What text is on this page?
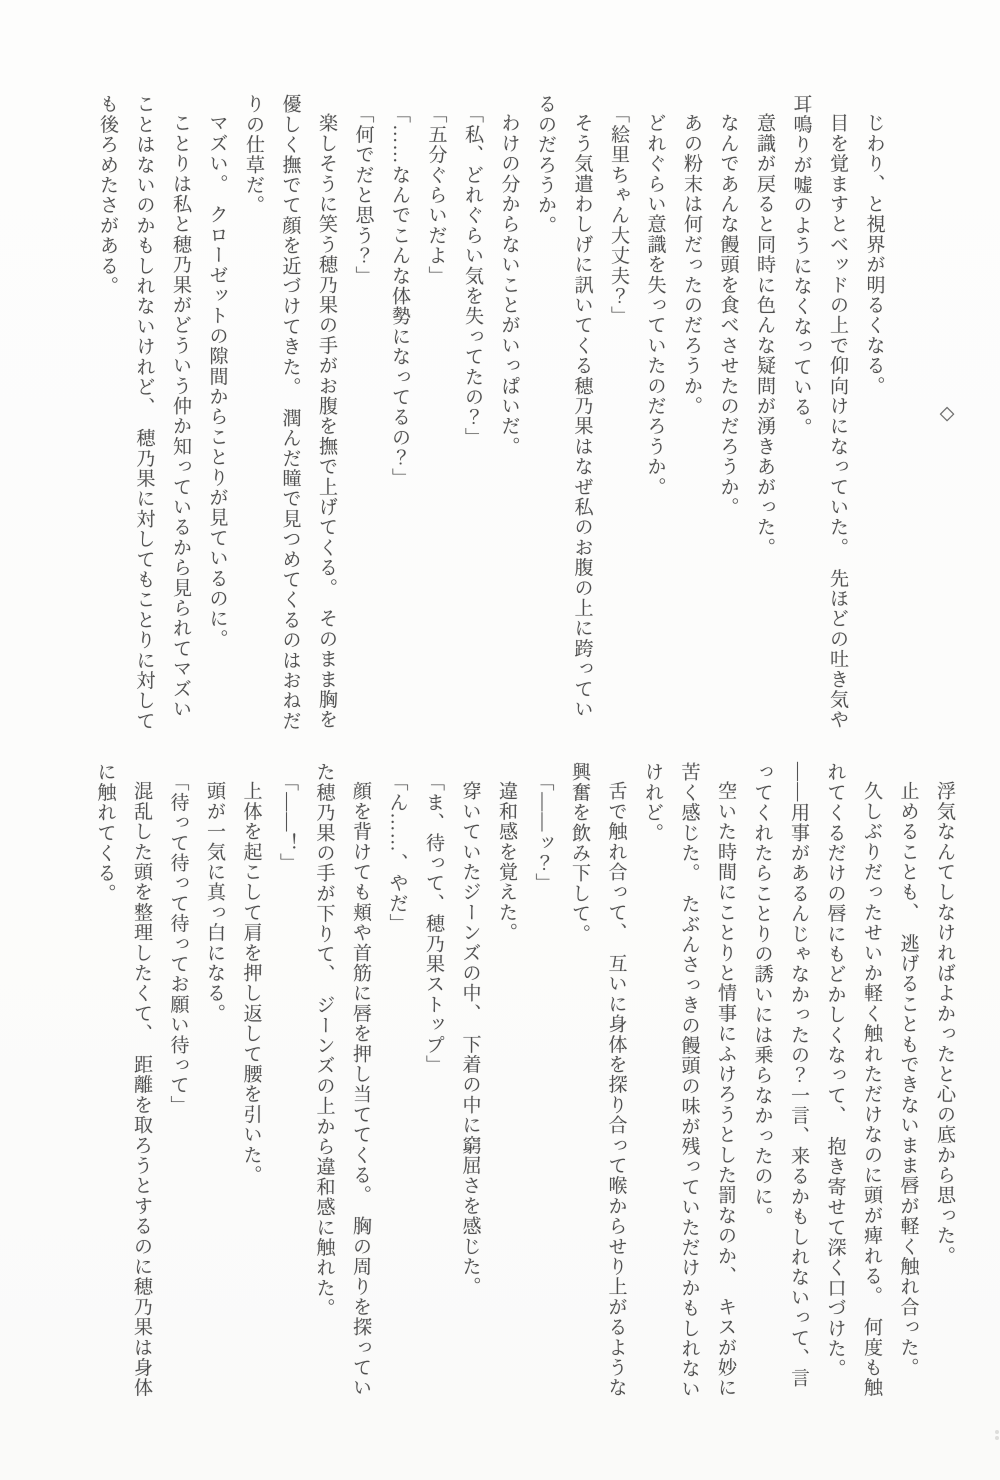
◇

じわり、と視界が明るくなる。

目を覚ますとベッドの上で仰向けになっていた。　先ほどの吐き気や耳鳴りが嘘のようになくなっている。

意識が戻ると同時に色んな疑問が湧きあがった。

なんであんな饅頭を食べさせたのだろうか。

あの粉末は何だったのだろうか。

どれぐらい意識を失っていたのだろうか。

「絵里ちゃん大丈夫？」

そう気遣わしげに訊いてくる穂乃果はなぜ私のお腹の上に跨っているのだろうか。

わけの分からないことがいっぱいだ。

「私、どれぐらい気を失ってたの？」

「五分ぐらいだよ」

「……なんでこんな体勢になってるの？」

「何でだと思う？」

楽しそうに笑う穂乃果の手がお腹を撫で上げてくる。　そのまま胸を優しく撫でて顔を近づけてきた。　潤んだ瞳で見つめてくるのはおねだりの仕草だ。

マズい。　クローゼットの隙間からことりが見ているのに。

ことりは私と穂乃果がどういう仲か知っているから見られてマズいことはないのかもしれないけれど、　穂乃果に対してもことりに対しても後ろめたさがある。

浮気なんてしなければよかったと心の底から思った。

止めることも、　逃げることもできないまま唇が軽く触れ合った。

久しぶりだったせいか軽く触れただけなのに頭が痺れる。　何度も触れてくるだけの唇にもどかしくなって、　抱き寄せて深く口づけた。

——用事があるんじゃなかったの？一言、来るかもしれないって、言ってくれたらことりの誘いには乗らなかったのに。

空いた時間にことりと情事にふけろうとした罰なのか、　キスが妙に苦く感じた。　たぶんさっきの饅頭の味が残っていただけかもしれないけれど。

舌で触れ合って、　互いに身体を探り合って喉からせり上がるような興奮を飲み下して。

「——ッ？」

違和感を覚えた。

穿いていたジーンズの中、　下着の中に窮屈さを感じた。

「ま、待って、穂乃果ストップ」

「ん……、やだ」

顔を背けても頬や首筋に唇を押し当ててくる。　胸の周りを探っていた穂乃果の手が下りて、　ジーンズの上から違和感に触れた。

「——！」

上体を起こして肩を押し返して腰を引いた。

頭が一気に真っ白になる。

「待って待って待ってお願い待って」

混乱した頭を整理したくて、　距離を取ろうとするのに穂乃果は身体に触れてくる。
